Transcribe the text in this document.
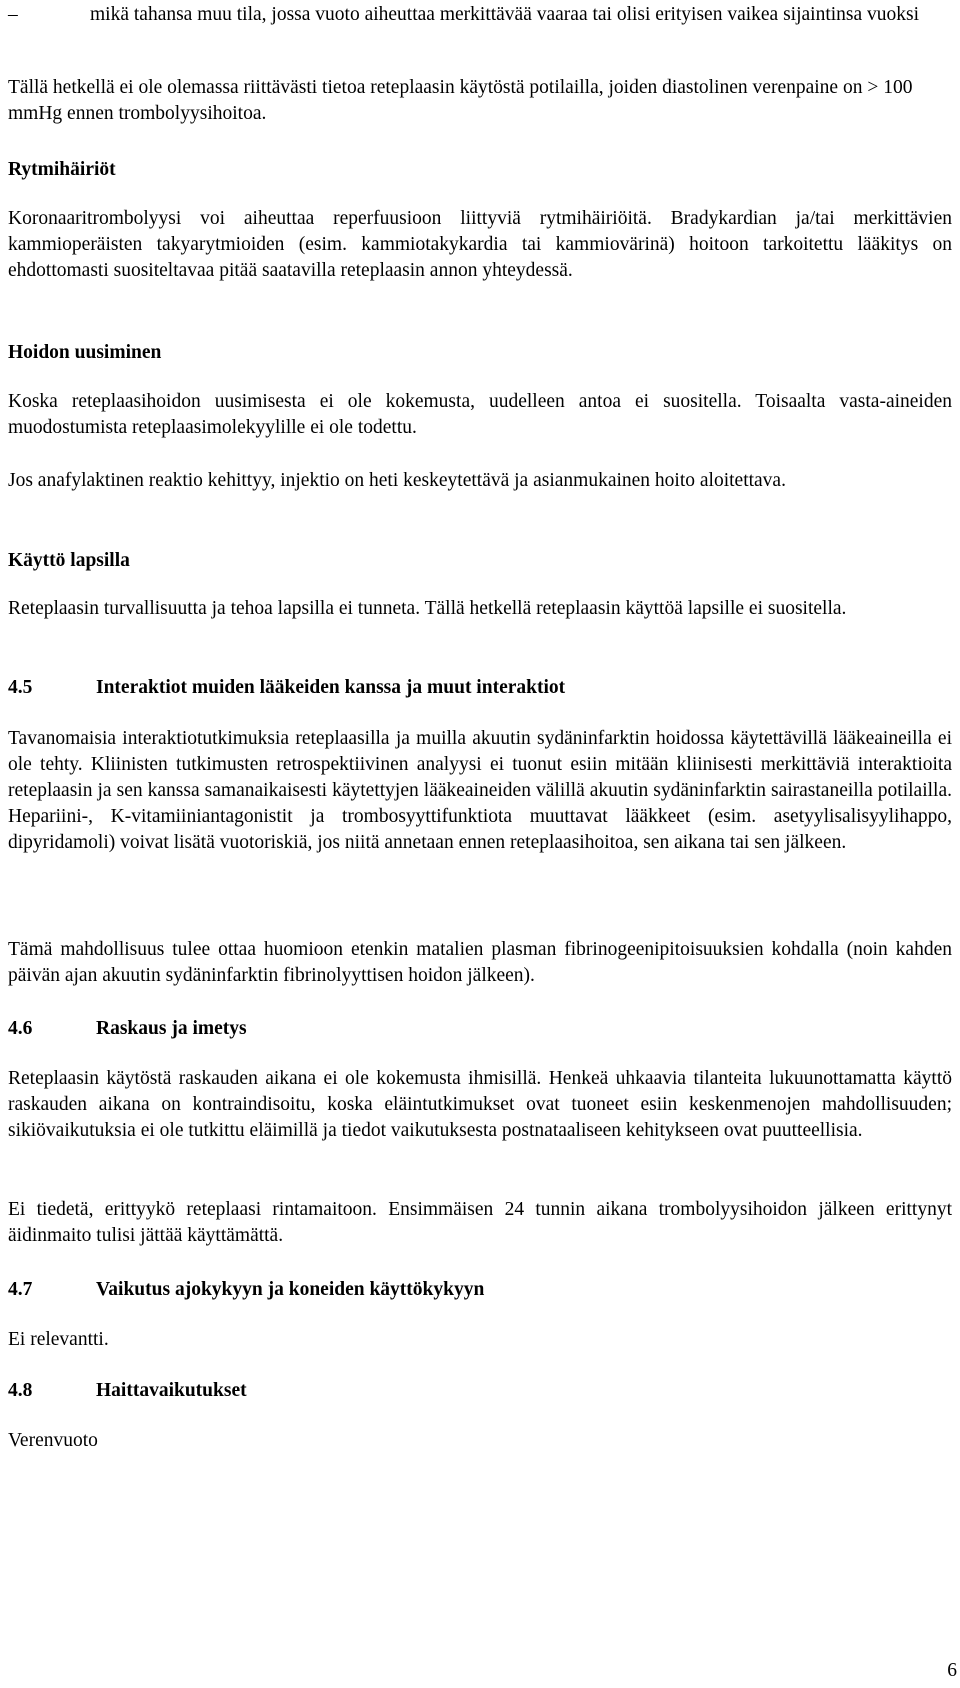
–	mikä tahansa muu tila, jossa vuoto aiheuttaa merkittävää vaaraa tai olisi erityisen vaikea sijaintinsa vuoksi

Tällä hetkellä ei ole olemassa riittävästi tietoa reteplaasin käytöstä potilailla, joiden diastolinen verenpaine on > 100 mmHg ennen trombolyysihoitoa.

Rytmihäiriöt

Koronaaritrombolyysi voi aiheuttaa reperfuusioon liittyviä rytmihäiriöitä. Bradykardian ja/tai merkittävien kammioperäisten takyarytmioiden (esim. kammiotakykardia tai kammiovärinä) hoitoon tarkoitettu lääkitys on ehdottomasti suositeltavaa pitää saatavilla reteplaasin annon yhteydessä.

Hoidon uusiminen

Koska reteplaasihoidon uusimisesta ei ole kokemusta, uudelleen antoa ei suositella. Toisaalta vasta-aineiden muodostumista reteplaasimolekyylille ei ole todettu.

Jos anafylaktinen reaktio kehittyy, injektio on heti keskeytettävä ja asianmukainen hoito aloitettava.

Käyttö lapsilla

Reteplaasin turvallisuutta ja tehoa lapsilla ei tunneta. Tällä hetkellä reteplaasin käyttöä lapsille ei suositella.

4.5	Interaktiot muiden lääkeiden kanssa ja muut interaktiot

Tavanomaisia interaktiotutkimuksia reteplaasilla ja muilla akuutin sydäninfarktin hoidossa käytettävillä lääkeaineilla ei ole tehty. Kliinisten tutkimusten retrospektiivinen analyysi ei tuonut esiin mitään kliinisesti merkittäviä interaktioita reteplaasin ja sen kanssa samanaikaisesti käytettyjen lääkeaineiden välillä akuutin sydäninfarktin sairastaneilla potilailla. Hepariini-, K-vitamiiniantagonistit ja trombosyyttifunktiota muuttavat lääkkeet (esim. asetyylisalisyylihappo, dipyridamoli) voivat lisätä vuotoriskiä, jos niitä annetaan ennen reteplaasihoitoa, sen aikana tai sen jälkeen.

Tämä mahdollisuus tulee ottaa huomioon etenkin matalien plasman fibrinogeenipitoisuuksien kohdalla (noin kahden päivän ajan akuutin sydäninfarktin fibrinolyyttisen hoidon jälkeen).

4.6	Raskaus ja imetys

Reteplaasin käytöstä raskauden aikana ei ole kokemusta ihmisillä. Henkeä uhkaavia tilanteita lukuunottamatta käyttö raskauden aikana on kontraindisoitu, koska eläintutkimukset ovat tuoneet esiin keskenmenojen mahdollisuuden; sikiövaikutuksia ei ole tutkittu eläimillä ja tiedot vaikutuksesta postnataaliseen kehitykseen ovat puutteellisia.

Ei tiedetä, erittyykö reteplaasi rintamaitoon. Ensimmäisen 24 tunnin aikana trombolyysihoidon jälkeen erittynyt äidinmaito tulisi jättää käyttämättä.

4.7	Vaikutus ajokykyyn ja koneiden käyttökykyyn

Ei relevantti.

4.8	Haittavaikutukset

Verenvuoto

6
